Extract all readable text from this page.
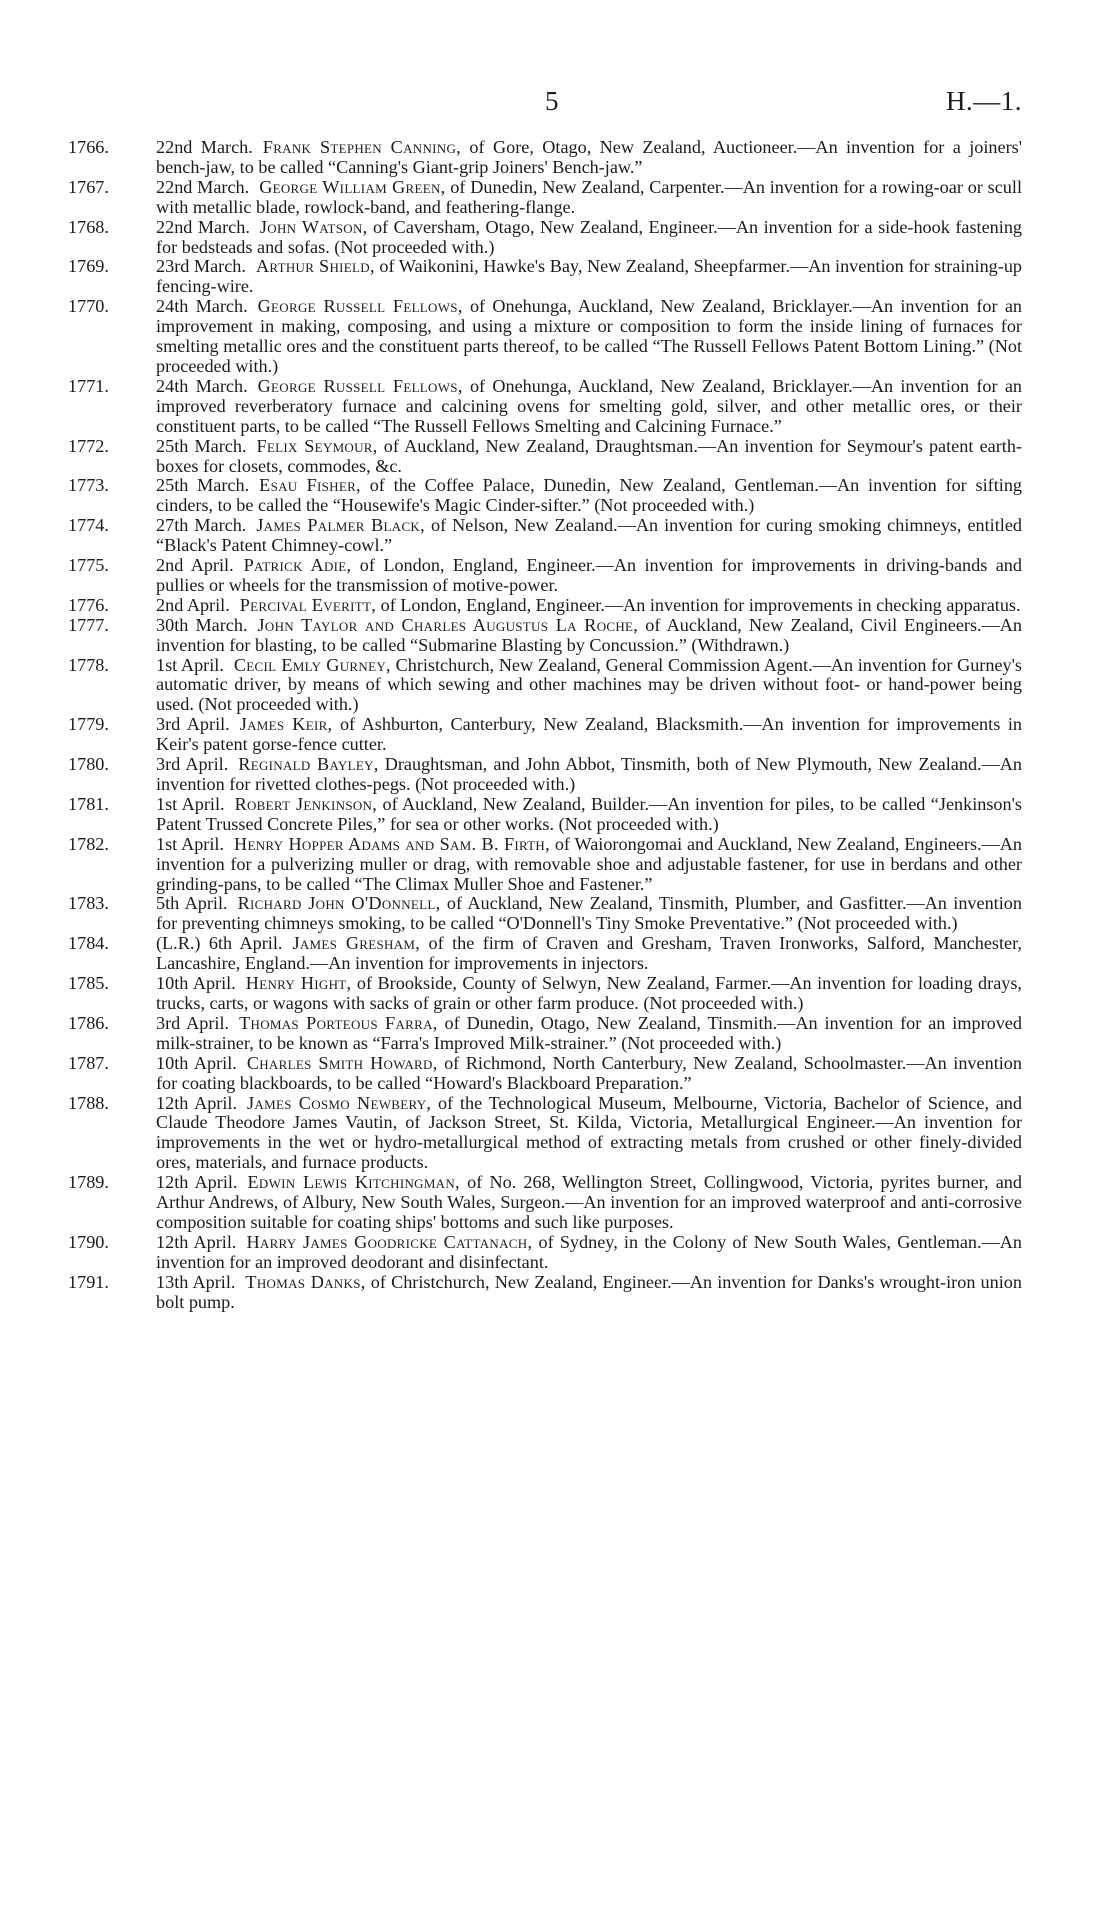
5	H.—1.
1766.	22nd March. Frank Stephen Canning, of Gore, Otago, New Zealand, Auctioneer.—An invention for a joiners' bench-jaw, to be called “Canning's Giant-grip Joiners' Bench-jaw.”
1767.	22nd March. George William Green, of Dunedin, New Zealand, Carpenter.—An invention for a rowing-oar or scull with metallic blade, rowlock-band, and feathering-flange.
1768.	22nd March. John Watson, of Caversham, Otago, New Zealand, Engineer.—An invention for a side-hook fastening for bedsteads and sofas. (Not proceeded with.)
1769.	23rd March. Arthur Shield, of Waikonini, Hawke's Bay, New Zealand, Sheepfarmer.—An invention for straining-up fencing-wire.
1770.	24th March. George Russell Fellows, of Onehunga, Auckland, New Zealand, Bricklayer.—An invention for an improvement in making, composing, and using a mixture or composition to form the inside lining of furnaces for smelting metallic ores and the constituent parts thereof, to be called “The Russell Fellows Patent Bottom Lining.” (Not proceeded with.)
1771.	24th March. George Russell Fellows, of Onehunga, Auckland, New Zealand, Bricklayer.—An invention for an improved reverberatory furnace and calcining ovens for smelting gold, silver, and other metallic ores, or their constituent parts, to be called “The Russell Fellows Smelting and Calcining Furnace.”
1772.	25th March. Felix Seymour, of Auckland, New Zealand, Draughtsman.—An invention for Seymour's patent earth-boxes for closets, commodes, &c.
1773.	25th March. Esau Fisher, of the Coffee Palace, Dunedin, New Zealand, Gentleman.—An invention for sifting cinders, to be called the “Housewife's Magic Cinder-sifter.” (Not proceeded with.)
1774.	27th March. James Palmer Black, of Nelson, New Zealand.—An invention for curing smoking chimneys, entitled “Black's Patent Chimney-cowl.”
1775.	2nd April. Patrick Adie, of London, England, Engineer.—An invention for improvements in driving-bands and pullies or wheels for the transmission of motive-power.
1776.	2nd April. Percival Everitt, of London, England, Engineer.—An invention for improvements in checking apparatus.
1777.	30th March. John Taylor and Charles Augustus La Roche, of Auckland, New Zealand, Civil Engineers.—An invention for blasting, to be called “Submarine Blasting by Concussion.” (Withdrawn.)
1778.	1st April. Cecil Emly Gurney, Christchurch, New Zealand, General Commission Agent.—An invention for Gurney's automatic driver, by means of which sewing and other machines may be driven without foot- or hand-power being used. (Not proceeded with.)
1779.	3rd April. James Keir, of Ashburton, Canterbury, New Zealand, Blacksmith.—An invention for improvements in Keir's patent gorse-fence cutter.
1780.	3rd April. Reginald Bayley, Draughtsman, and John Abbot, Tinsmith, both of New Plymouth, New Zealand.—An invention for rivetted clothes-pegs. (Not proceeded with.)
1781.	1st April. Robert Jenkinson, of Auckland, New Zealand, Builder.—An invention for piles, to be called “Jenkinson's Patent Trussed Concrete Piles,” for sea or other works. (Not proceeded with.)
1782.	1st April. Henry Hopper Adams and Sam. B. Firth, of Waiorongomai and Auckland, New Zealand, Engineers.—An invention for a pulverizing muller or drag, with removable shoe and adjustable fastener, for use in berdans and other grinding-pans, to be called “The Climax Muller Shoe and Fastener.”
1783.	5th April. Richard John O'Donnell, of Auckland, New Zealand, Tinsmith, Plumber, and Gasfitter.—An invention for preventing chimneys smoking, to be called “O'Donnell's Tiny Smoke Preventative.” (Not proceeded with.)
1784.	(L.R.) 6th April. James Gresham, of the firm of Craven and Gresham, Traven Ironworks, Salford, Manchester, Lancashire, England.—An invention for improvements in injectors.
1785.	10th April. Henry Hight, of Brookside, County of Selwyn, New Zealand, Farmer.—An invention for loading drays, trucks, carts, or wagons with sacks of grain or other farm produce. (Not proceeded with.)
1786.	3rd April. Thomas Porteous Farra, of Dunedin, Otago, New Zealand, Tinsmith.—An invention for an improved milk-strainer, to be known as “Farra's Improved Milk-strainer.” (Not proceeded with.)
1787.	10th April. Charles Smith Howard, of Richmond, North Canterbury, New Zealand, Schoolmaster.—An invention for coating blackboards, to be called “Howard's Blackboard Preparation.”
1788.	12th April. James Cosmo Newbery, of the Technological Museum, Melbourne, Victoria, Bachelor of Science, and Claude Theodore James Vautin, of Jackson Street, St. Kilda, Victoria, Metallurgical Engineer.—An invention for improvements in the wet or hydro-metallurgical method of extracting metals from crushed or other finely-divided ores, materials, and furnace products.
1789.	12th April. Edwin Lewis Kitchingman, of No. 268, Wellington Street, Collingwood, Victoria, pyrites burner, and Arthur Andrews, of Albury, New South Wales, Surgeon.—An invention for an improved waterproof and anti-corrosive composition suitable for coating ships' bottoms and such like purposes.
1790.	12th April. Harry James Goodricke Cattanach, of Sydney, in the Colony of New South Wales, Gentleman.—An invention for an improved deodorant and disinfectant.
1791.	13th April. Thomas Danks, of Christchurch, New Zealand, Engineer.—An invention for Danks's wrought-iron union bolt pump.
